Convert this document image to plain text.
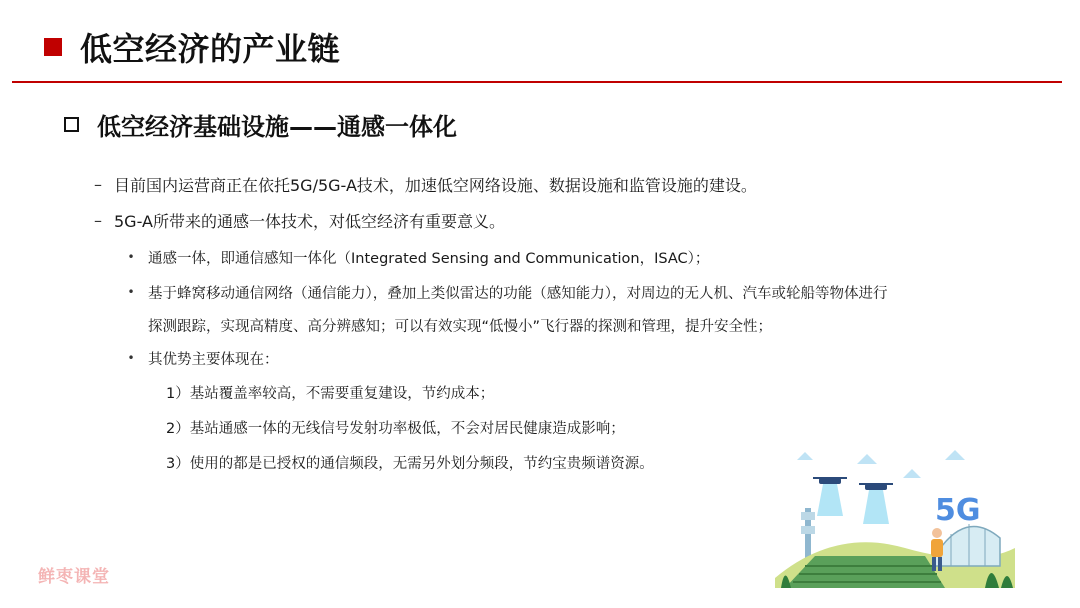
低空经济的产业链
低空经济基础设施——通感一体化
– 目前国内运营商正在依托5G/5G-A技术，加速低空网络设施、数据设施和监管设施的建设。
– 5G-A所带来的通感一体技术，对低空经济有重要意义。
• 通感一体，即通信感知一体化（Integrated Sensing and Communication，ISAC）；
• 基于蜂窝移动通信网络（通信能力），叠加上类似雷达的功能（感知能力），对周边的无人机、汽车或轮船等物体进行
探测跟踪，实现高精度、高分辨感知；可以有效实现“低慢小”飞行器的探测和管理，提升安全性；
• 其优势主要体现在：
1）基站覆盖率较高，不需要重复建设，节约成本；
2）基站通感一体的无线信号发射功率极低，不会对居民健康造成影响；
3）使用的都是已授权的通信频段，无需另外划分频段，节约宝贵频谱资源。
5G
鲜枣课堂
